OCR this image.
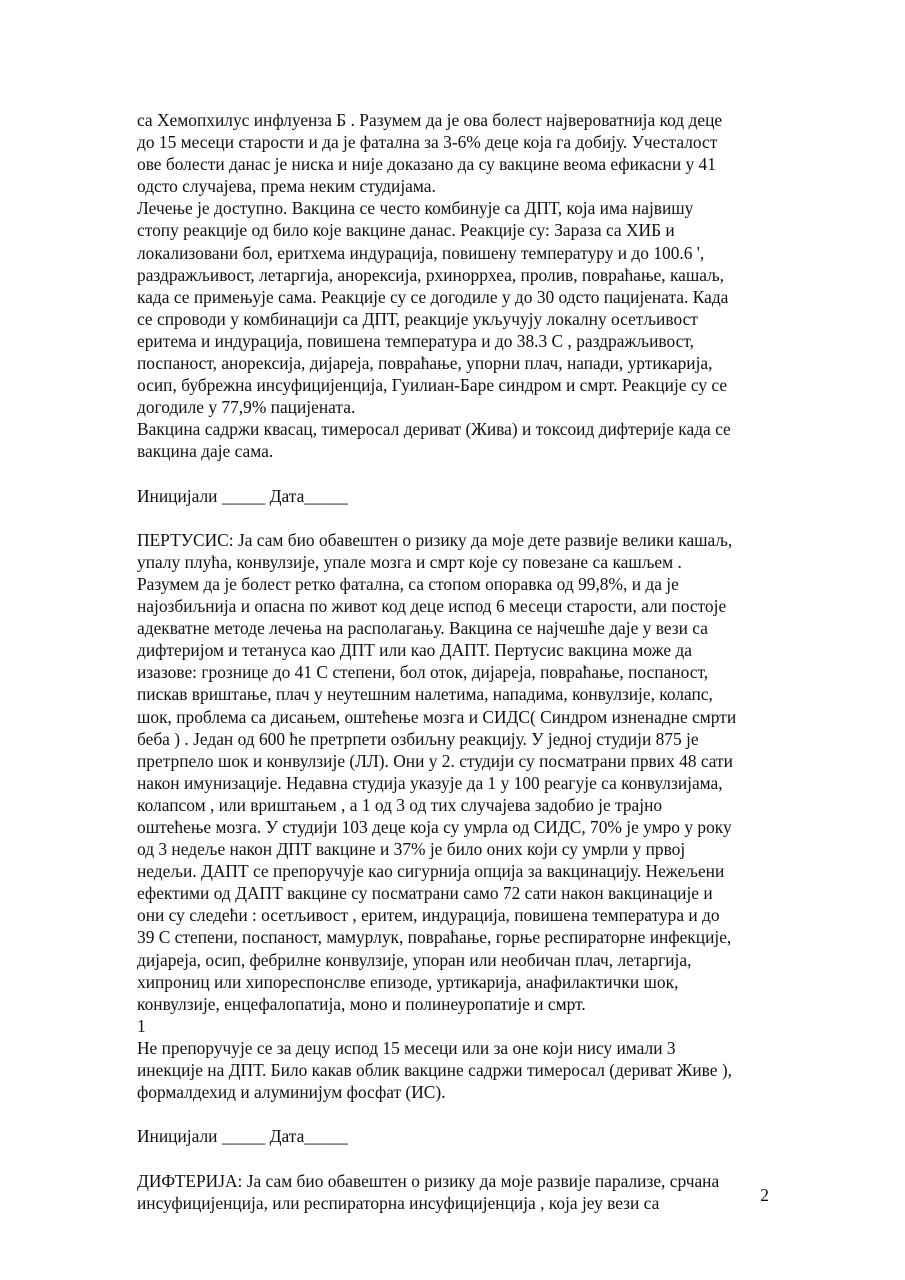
са Хемопхилус инфлуенза Б . Разумем да је ова болест највероватнија код деце
до 15 месеци старости и да је фатална за 3-6% деце која га добију. Учесталост
ове болести данас је ниска и није доказано да су вакцине веома ефикасни у 41
одсто случајева, према неким студијама.
Лечење је доступно. Вакцина се често комбинује са ДПТ, која има највишу
стопу реакције од било које вакцине данас. Реакције су: Зараза са ХИБ и
локализовани бол, еритхема индурација, повишену температуру и до 100.6 ',
раздражљивост, летаргија, анорексија, рхиноррхеа, пролив, повраћање, кашаљ,
када се примењује сама. Реакције су се догодиле у до 30 одсто пацијената. Када
се спроводи у комбинацији са ДПТ, реакције укључују локалну осетљивост
еритема и индурација, повишена температура и до 38.3 С , раздражљивост,
поспаност, анорексија, дијареја, повраћање, упорни плач, напади, уртикарија,
осип, бубрежна инсуфицијенција, Гуилиан-Баре синдром и смрт. Реакције су се
догодиле у 77,9% пацијената.
Вакцина садржи квасац, тимеросал дериват (Жива) и токсоид дифтерије када се
вакцина даје сама.
Иницијали _____ Дата_____
ПЕРТУСИС: Ја сам био обавештен о ризику да моје дете развије велики кашаљ,
упалу плућа, конвулзије, упале мозга и смрт које су повезане са кашљем .
Разумем да је болест ретко фатална, са стопом опоравка од 99,8%, и да је
најозбиљнија и опасна по живот код деце испод 6 месеци старости, али постоје
адекватне методе лечења на располагању. Вакцина се најчешће даје у вези са
дифтеријом и тетануса као ДПТ или као ДАПТ. Пертусис вакцина може да
изазове: грознице до 41 С степени, бол оток, дијареја, повраћање, поспаност,
пискав вриштање, плач у неутешним налетима, нападима, конвулзије, колапс,
шок, проблема са дисањем, оштећење мозга и СИДС( Синдром изненадне смрти
беба ) . Један од 600 ће претрпети озбиљну реакцију. У једној студији 875 је
претрпело шок и конвулзије (ЛЛ). Они у 2. студији су посматрани првих 48 сати
након имунизације. Недавна студија указује да 1 у 100 реагује са конвулзијама,
колапсом , или вриштањем , а 1 од 3 од тих случајева задобио је трајно
оштећење мозга. У студији 103 деце која су умрла од СИДС, 70% је умро у року
од 3 недеље након ДПТ вакцине и 37% је било оних који су умрли у првој
недељи. ДАПТ се препоручује као сигурнија опција за вакцинацију. Нежељени
ефектими од ДАПТ вакцине су посматрани само 72 сати након вакцинације и
они су следећи : осетљивост , еритем, индурација, повишена температура и до
39 С степени, поспаност, мамурлук, повраћање, горње респираторне инфекције,
дијареја, осип, фебрилне конвулзије, упоран или необичан плач, летаргија,
хипрониц или хипореспонслве епизоде, уртикарија, анафилактички шок,
конвулзије, енцефалопатија, моно и полинеуропатије и смрт.
1
Не препоручује се за децу испод 15 месеци или за оне који нису имали 3
инекције на ДПТ. Било какав облик вакцине садржи тимеросал (дериват Живе ),
формалдехид и алуминијум фосфат (ИС).
Иницијали _____ Дата_____
ДИФТЕРИЈА: Ја сам био обавештен о ризику да моје развије парализе, срчана
инсуфицијенција, или респираторна инсуфицијенција , која јеу вези са	2
